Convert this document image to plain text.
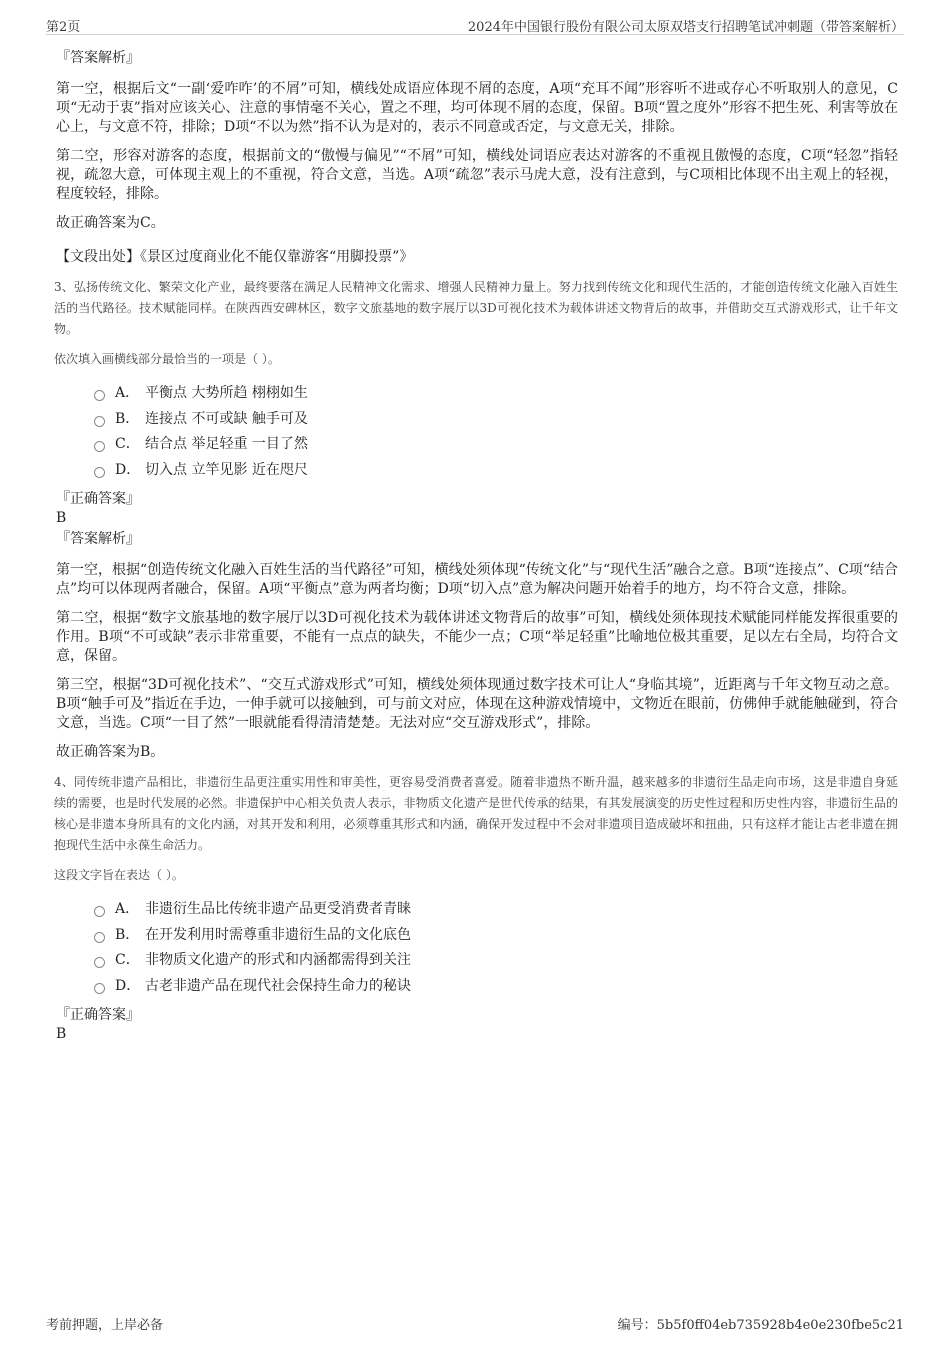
第2页	2024年中国银行股份有限公司太原双塔支行招聘笔试冲刺题（带答案解析）

『答案解析』

第一空，根据后文“一副‘爱咋咋’的不屑”可知，横线处成语应体现不屑的态度，A项“充耳不闻”形容听不进或存心不听取别人的意见，C项“无动于衷”指对应该关心、注意的事情毫不关心，置之不理，均可体现不屑的态度，保留。B项“置之度外”形容不把生死、利害等放在心上，与文意不符，排除；D项“不以为然”指不认为是对的，表示不同意或否定，与文意无关，排除。

第二空，形容对游客的态度，根据前文的“傲慢与偏见”“不屑”可知，横线处词语应表达对游客的不重视且傲慢的态度，C项“轻忽”指轻视，疏忽大意，可体现主观上的不重视，符合文意，当选。A项“疏忽”表示马虎大意，没有注意到，与C项相比体现不出主观上的轻视，程度较轻，排除。

故正确答案为C。

【文段出处】《景区过度商业化不能仅靠游客“用脚投票”》

3、弘扬传统文化、繁荣文化产业，最终要落在满足人民精神文化需求、增强人民精神力量上。努力找到传统文化和现代生活的，才能创造传统文化融入百姓生活的当代路径。技术赋能同样。在陕西西安碑林区，数字文旅基地的数字展厅以3D可视化技术为载体讲述文物背后的故事，并借助交互式游戏形式，让千年文物。

依次填入画横线部分最恰当的一项是（ ）。

A． 平衡点 大势所趋 栩栩如生
B． 连接点 不可或缺 触手可及
C． 结合点 举足轻重 一目了然
D． 切入点 立竿见影 近在咫尺

『正确答案』

B

『答案解析』

第一空，根据“创造传统文化融入百姓生活的当代路径”可知，横线处须体现“传统文化”与“现代生活”融合之意。B项“连接点”、C项“结合点”均可以体现两者融合，保留。A项“平衡点”意为两者均衡；D项“切入点”意为解决问题开始着手的地方，均不符合文意，排除。

第二空，根据“数字文旅基地的数字展厅以3D可视化技术为载体讲述文物背后的故事”可知，横线处须体现技术赋能同样能发挥很重要的作用。B项“不可或缺”表示非常重要，不能有一点点的缺失，不能少一点；C项“举足轻重”比喻地位极其重要，足以左右全局，均符合文意，保留。

第三空，根据“3D可视化技术”、“交互式游戏形式”可知，横线处须体现通过数字技术可让人“身临其境”，近距离与千年文物互动之意。B项“触手可及”指近在手边，一伸手就可以接触到，可与前文对应，体现在这种游戏情境中，文物近在眼前，仿佛伸手就能触碰到，符合文意，当选。C项“一目了然”一眼就能看得清清楚楚。无法对应“交互游戏形式”，排除。

故正确答案为B。

4、同传统非遗产品相比，非遗衍生品更注重实用性和审美性，更容易受消费者喜爱。随着非遗热不断升温，越来越多的非遗衍生品走向市场，这是非遗自身延续的需要，也是时代发展的必然。非遗保护中心相关负责人表示，非物质文化遗产是世代传承的结果，有其发展演变的历史性过程和历史性内容，非遗衍生品的核心是非遗本身所具有的文化内涵，对其开发和利用，必须尊重其形式和内涵，确保开发过程中不会对非遗项目造成破坏和扭曲，只有这样才能让古老非遗在拥抱现代生活中永葆生命活力。

这段文字旨在表达（ ）。

A． 非遗衍生品比传统非遗产品更受消费者青睐
B． 在开发利用时需尊重非遗衍生品的文化底色
C． 非物质文化遗产的形式和内涵都需得到关注
D． 古老非遗产品在现代社会保持生命力的秘诀

『正确答案』

B

考前押题，上岸必备	编号：5b5f0ff04eb735928b4e0e230fbe5c21
